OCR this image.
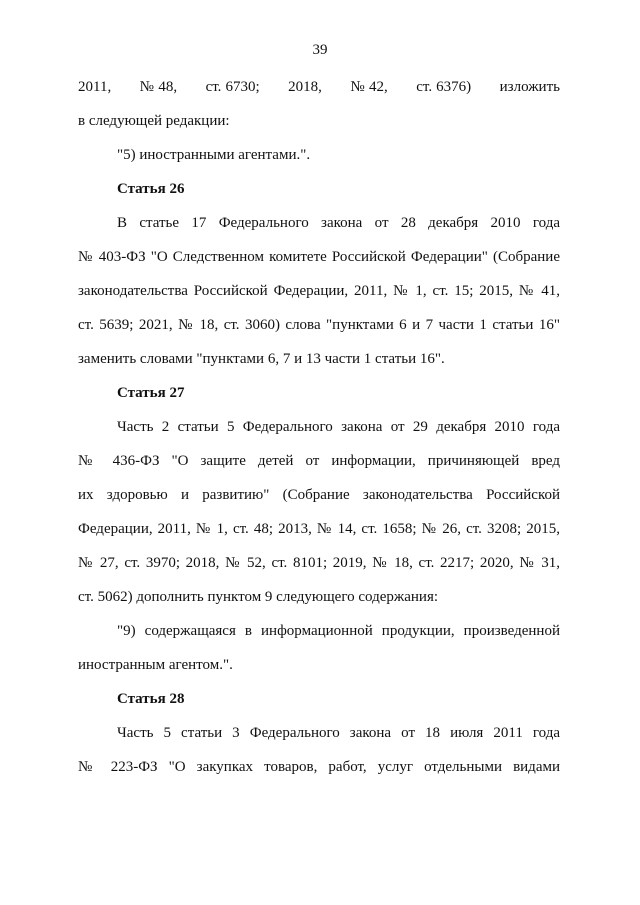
39
2011,       № 48,       ст. 6730;       2018,       № 42,       ст. 6376)       изложить
в следующей редакции:
"5) иностранными агентами.".
Статья 26
В статье 17 Федерального закона от 28 декабря 2010 года
№ 403-ФЗ "О Следственном комитете Российской Федерации" (Собрание
законодательства Российской Федерации, 2011, № 1, ст. 15; 2015, № 41,
ст. 5639; 2021, № 18, ст. 3060) слова "пунктами 6 и 7 части 1 статьи 16"
заменить словами "пунктами 6, 7 и 13 части 1 статьи 16".
Статья 27
Часть 2 статьи 5 Федерального закона от 29 декабря 2010 года
№ 436-ФЗ "О защите детей от информации, причиняющей вред
их здоровью и развитию" (Собрание законодательства Российской
Федерации, 2011, № 1, ст. 48; 2013, № 14, ст. 1658; № 26, ст. 3208; 2015,
№ 27, ст. 3970; 2018, № 52, ст. 8101; 2019, № 18, ст. 2217; 2020, № 31,
ст. 5062) дополнить пунктом 9 следующего содержания:
"9) содержащаяся в информационной продукции, произведенной
иностранным агентом.".
Статья 28
Часть 5 статьи 3 Федерального закона от 18 июля 2011 года
№ 223-ФЗ "О закупках товаров, работ, услуг отдельными видами
